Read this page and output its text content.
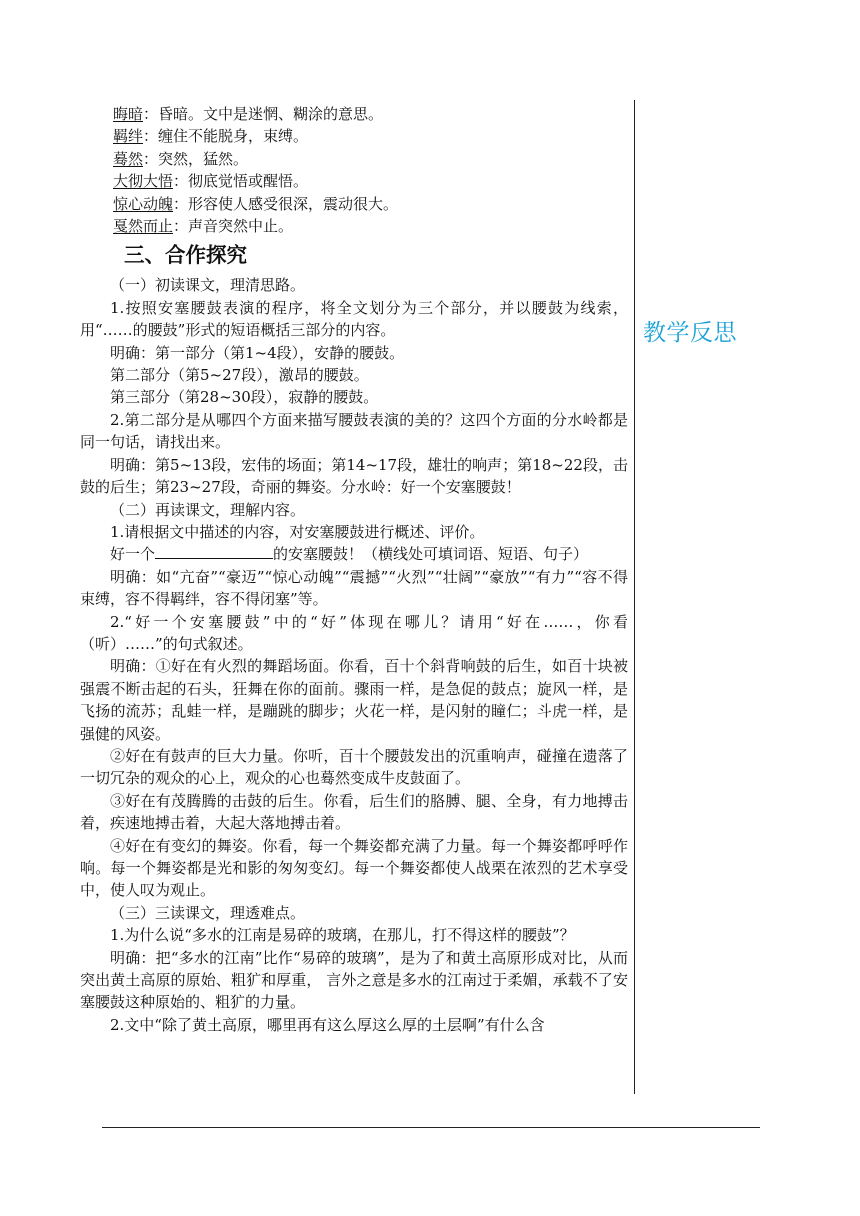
晦暗：昏暗。文中是迷惘、糊涂的意思。

羁绊：缠住不能脱身，束缚。

蓦然：突然，猛然。

大彻大悟：彻底觉悟或醒悟。

惊心动魄：形容使人感受很深，震动很大。

戛然而止：声音突然中止。

三、合作探究

（一）初读课文，理清思路。

1.按照安塞腰鼓表演的程序，将全文划分为三个部分，并以腰鼓为线索，用“……的腰鼓”形式的短语概括三部分的内容。

明确：第一部分（第1~4段），安静的腰鼓。

第二部分（第5~27段），激昂的腰鼓。

第三部分（第28~30段），寂静的腰鼓。

2.第二部分是从哪四个方面来描写腰鼓表演的美的？这四个方面的分水岭都是同一句话，请找出来。

明确：第5~13段，宏伟的场面；第14~17段，雄壮的响声；第18~22段，击鼓的后生；第23~27段，奇丽的舞姿。分水岭：好一个安塞腰鼓！

（二）再读课文，理解内容。

1.请根据文中描述的内容，对安塞腰鼓进行概述、评价。

好一个	的安塞腰鼓！（横线处可填词语、短语、句子）

明确：如“亢奋”“豪迈”“惊心动魄”“震撼”“火烈”“壮阔”“豪放”“有力”“容不得束缚，容不得羁绊，容不得闭塞”等。

2.“好一个安塞腰鼓”中的“好”体现在哪儿？请用“好在……，你看（听）……”的句式叙述。

明确：①好在有火烈的舞蹈场面。你看，百十个斜背响鼓的后生，如百十块被强震不断击起的石头，狂舞在你的面前。骤雨一样，是急促的鼓点；旋风一样，是飞扬的流苏；乱蛙一样，是蹦跳的脚步；火花一样，是闪射的瞳仁；斗虎一样，是强健的风姿。

②好在有鼓声的巨大力量。你听，百十个腰鼓发出的沉重响声，碰撞在遗落了一切冗杂的观众的心上，观众的心也蓦然变成牛皮鼓面了。

③好在有茂腾腾的击鼓的后生。你看，后生们的胳膊、腿、全身，有力地搏击着，疾速地搏击着，大起大落地搏击着。

④好在有变幻的舞姿。你看，每一个舞姿都充满了力量。每一个舞姿都呼呼作响。每一个舞姿都是光和影的匆匆变幻。每一个舞姿都使人战栗在浓烈的艺术享受中，使人叹为观止。

（三）三读课文，理透难点。

1.为什么说“多水的江南是易碎的玻璃，在那儿，打不得这样的腰鼓”？

明确：把“多水的江南”比作“易碎的玻璃”，是为了和黄土高原形成对比，从而突出黄土高原的原始、粗犷和厚重， 言外之意是多水的江南过于柔媚，承载不了安塞腰鼓这种原始的、粗犷的力量。

2.文中“除了黄土高原，哪里再有这么厚这么厚的土层啊”有什么含

教学反思
